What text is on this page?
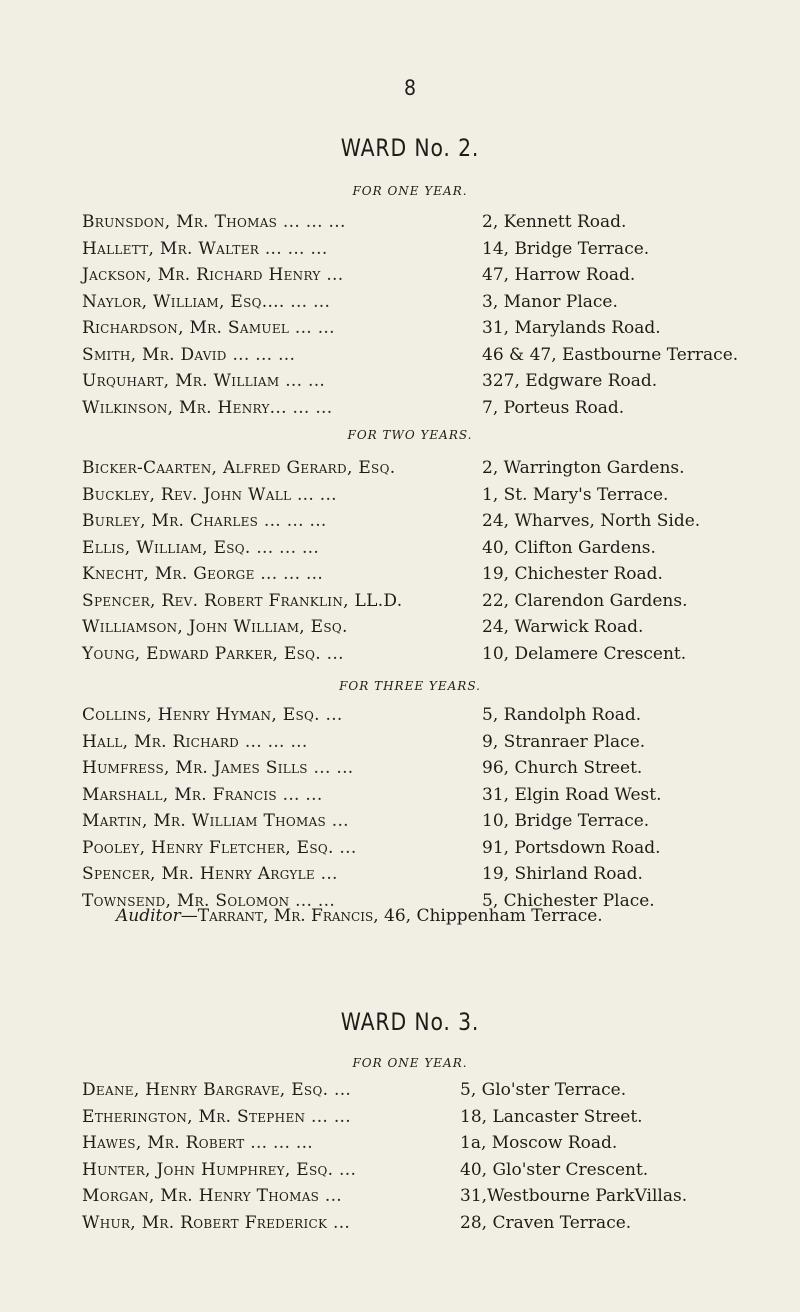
8
WARD No. 2.
FOR ONE YEAR.
Brunsdon, Mr. Thomas ... ... ...	2, Kennett Road.
Hallett, Mr. Walter ... ... ...	14, Bridge Terrace.
Jackson, Mr. Richard Henry ...	47, Harrow Road.
Naylor, William, Esq.... ... ...	3, Manor Place.
Richardson, Mr. Samuel ... ...	31, Marylands Road.
Smith, Mr. David ... ... ...	46 & 47, Eastbourne Terrace.
Urquhart, Mr. William ... ...	327, Edgware Road.
Wilkinson, Mr. Henry... ... ...	7, Porteus Road.
FOR TWO YEARS.
Bicker-Caarten, Alfred Gerard, Esq.	2, Warrington Gardens.
Buckley, Rev. John Wall ... ...	1, St. Mary's Terrace.
Burley, Mr. Charles ... ... ...	24, Wharves, North Side.
Ellis, William, Esq. ... ... ...	40, Clifton Gardens.
Knecht, Mr. George ... ... ...	19, Chichester Road.
Spencer, Rev. Robert Franklin, LL.D.	22, Clarendon Gardens.
Williamson, John William, Esq.	24, Warwick Road.
Young, Edward Parker, Esq. ...	10, Delamere Crescent.
FOR THREE YEARS.
Collins, Henry Hyman, Esq. ...	5, Randolph Road.
Hall, Mr. Richard ... ... ...	9, Stranraer Place.
Humfress, Mr. James Sills ... ...	96, Church Street.
Marshall, Mr. Francis ... ...	31, Elgin Road West.
Martin, Mr. William Thomas ...	10, Bridge Terrace.
Pooley, Henry Fletcher, Esq. ...	91, Portsdown Road.
Spencer, Mr. Henry Argyle ...	19, Shirland Road.
Townsend, Mr. Solomon ... ...	5, Chichester Place.
Auditor—Tarrant, Mr. Francis, 46, Chippenham Terrace.
WARD No. 3.
FOR ONE YEAR.
Deane, Henry Bargrave, Esq. ...	5, Glo'ster Terrace.
Etherington, Mr. Stephen ... ...	18, Lancaster Street.
Hawes, Mr. Robert ... ... ...	1a, Moscow Road.
Hunter, John Humphrey, Esq. ...	40, Glo'ster Crescent.
Morgan, Mr. Henry Thomas ...	31,Westbourne ParkVillas.
Whur, Mr. Robert Frederick ...	28, Craven Terrace.
